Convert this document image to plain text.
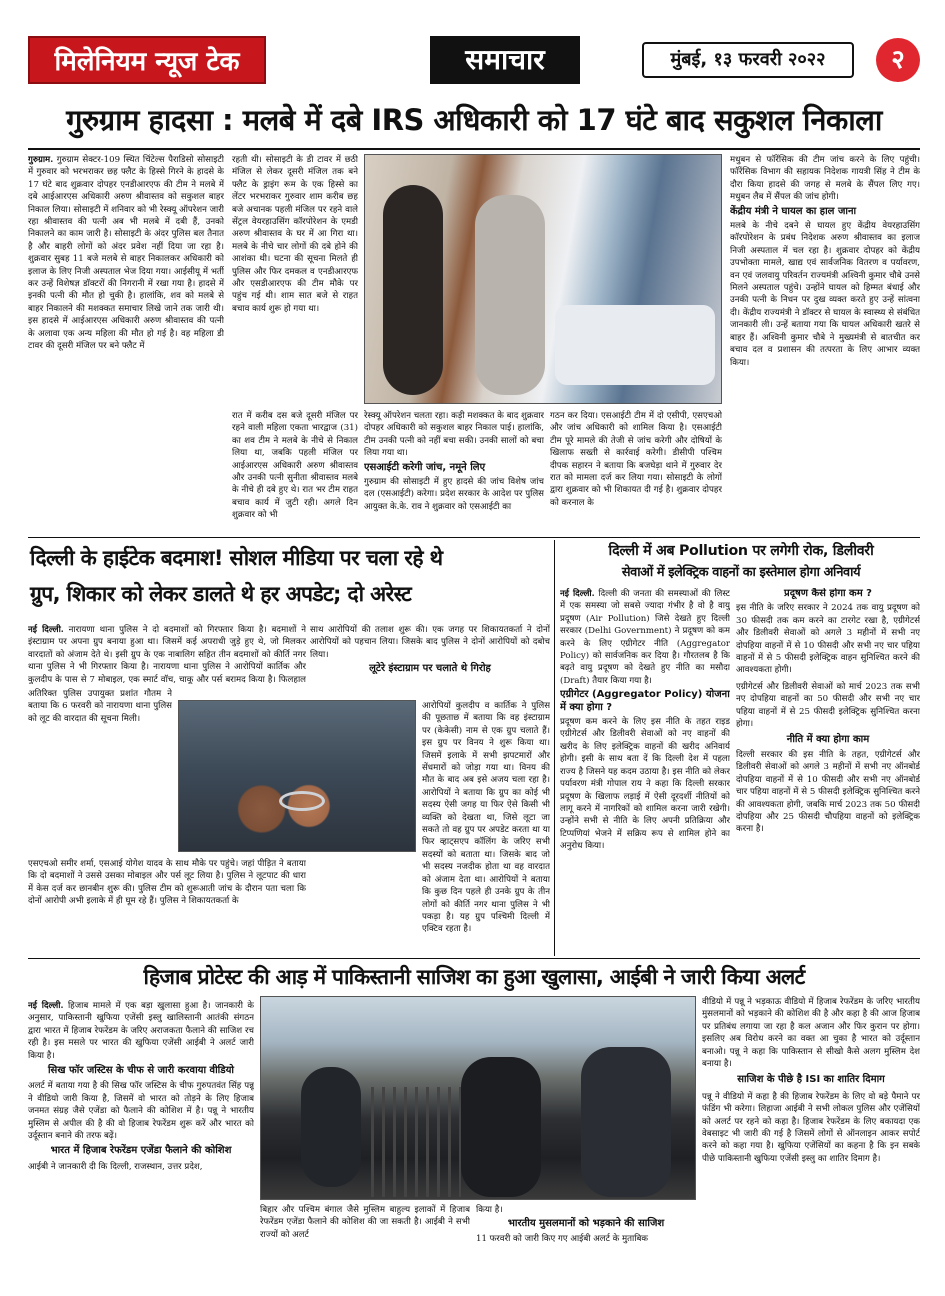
मिलेनियम न्यूज टेक	समाचार	मुंबई, १३ फरवरी २०२२	२
गुरुग्राम हादसा : मलबे में दबे IRS अधिकारी को 17 घंटे बाद सकुशल निकाला
गुरुग्राम. गुरुग्राम सेक्टर-109 स्थित चिंटेल्स पैराडिसो सोसाइटी में गुरुवार को भरभराकर छह फ्लैट के हिस्से गिरने के हादसे के 17 घंटे बाद शुक्रवार दोपहर एनडीआरएफ की टीम ने मलबे में दबे आईआरएस अधिकारी अरुण श्रीवास्तव को सकुशल बाहर निकाल लिया। सोसाइटी में शनिवार को भी रेस्क्यू ऑपरेशन जारी रहा श्रीवास्तव की पत्नी अब भी मलबे में दबी हैं, उनको निकालने का काम जारी है। सोसाइटी के अंदर पुलिस बल तैनात है और बाहरी लोगों को अंदर प्रवेश नहीं दिया जा रहा है। शुक्रवार सुबह 11 बजे मलबे से बाहर निकालकर अधिकारी को इलाज के लिए निजी अस्पताल भेज दिया गया। आईसीयू में भर्ती कर उन्हें विशेषज्ञ डॉक्टरों की निगरानी में रखा गया है। हादसे में इनकी पत्नी की मौत हो चुकी है। हालांकि, शव को मलबे से बाहर निकालने की मशक्कत समाचार लिखे जाने तक जारी थी। इस हादसे में आईआरएस अधिकारी अरुण श्रीवास्तव की पत्नी के अलावा एक अन्य महिला की मौत हो गई है। वह महिला डी टावर की दूसरी मंजिल पर बने फ्लैट में
रहती थी। सोसाइटी के डी टावर में छठी मंजिल से लेकर दूसरी मंजिल तक बने फ्लैट के ड्राइंग रूम के एक हिस्से का लेंटर भरभराकर गुरुवार शाम करीब छह बजे अचानक पहली मंजिल पर रहने वाले सेंट्रल वेयरहाउसिंग कॉरपोरेशन के एमडी अरुण श्रीवास्तव के घर में आ गिरा था। मलबे के नीचे चार लोगों की दबे होने की आशंका थी। घटना की सूचना मिलते ही पुलिस और फिर दमकल व एनडीआरएफ और एसडीआरएफ की टीम मौके पर पहुंच गई थी। शाम सात बजे से राहत बचाव कार्य शुरू हो गया था।
रात में करीब दस बजे दूसरी मंजिल पर रहने वाली महिला एकता भारद्वाज (31) का शव टीम ने मलबे के नीचे से निकाल लिया था, जबकि पहली मंजिल पर आईआरएस अधिकारी अरुण श्रीवास्तव और उनकी पत्नी सुनीता श्रीवास्तव मलबे के नीचे ही दबे हुए थे। रात भर टीम राहत बचाव कार्य में जुटी रही। अगले दिन शुक्रवार को भी
रेस्क्यू ऑपरेशन चलता रहा। कड़ी मशक्कत के बाद शुक्रवार दोपहर अधिकारी को सकुशल बाहर निकाल पाई। हालांकि, टीम उनकी पत्नी को नहीं बचा सकी। उनकी सालों को बचा लिया गया था।
एसआईटी करेगी जांच, नमूने लिए
गुरुग्राम की सोसाइटी में हुए हादसे की जांच विशेष जांच दल (एसआईटी) करेगा। प्रदेश सरकार के आदेश पर पुलिस आयुक्त के.के. राव ने शुक्रवार को एसआईटी का
गठन कर दिया। एसआईटी टीम में दो एसीपी, एसएचओ और जांच अधिकारी को शामिल किया है। एसआईटी टीम पूरे मामले की तेजी से जांच करेगी और दोषियों के खिलाफ सख्ती से कार्रवाई करेगी। डीसीपी पश्चिम दीपक सहारन ने बताया कि बजघेड़ा थाने में गुरुवार देर रात को मामला दर्ज कर लिया गया। सोसाइटी के लोगों द्वारा शुक्रवार को भी शिकायत दी गई है। शुक्रवार दोपहर को करनाल के
मधुबन से फॉरेंसिक की टीम जांच करने के लिए पहुंची। फॉरेंसिक विभाग की सहायक निदेशक गायत्री सिंह ने टीम के दौरा किया हादसे की जगह से मलबे के सैंपल लिए गए। मधुबन लैब में सैंपल की जांच होगी।
केंद्रीय मंत्री ने घायल का हाल जाना
मलबे के नीचे दबने से घायल हुए केंद्रीय वेयरहाउसिंग कॉरपोरेशन के प्रबंध निदेशक अरुण श्रीवास्तव का इलाज निजी अस्पताल में चल रहा है। शुक्रवार दोपहर को केंद्रीय उपभोक्ता मामले, खाद्य एवं सार्वजनिक वितरण व पर्यावरण, वन एवं जलवायु परिवर्तन राज्यमंत्री अश्विनी कुमार चौबे उनसे मिलने अस्पताल पहुंचे। उन्होंने घायल को हिम्मत बंधाई और उनकी पत्नी के निधन पर दुख व्यक्त करते हुए उन्हें सांत्वना दी। केंद्रीय राज्यमंत्री ने डॉक्टर से घायल के स्वास्थ्य से संबंधित जानकारी ली। उन्हें बताया गया कि घायल अधिकारी खतरे से बाहर हैं। अश्विनी कुमार चौबे ने मुख्यमंत्री से बातचीत कर बचाव दल व प्रशासन की तत्परता के लिए आभार व्यक्त किया।
दिल्ली के हाईटेक बदमाश! सोशल मीडिया पर चला रहे थे
ग्रुप, शिकार को लेकर डालते थे हर अपडेट; दो अरेस्ट
नई दिल्ली. नारायणा थाना पुलिस ने दो बदमाशों को गिरफ्तार किया है। बदमाशों ने इंस्टाग्राम पर अपना ग्रुप बनाया हुआ था। जिसमें कई अपराधी जुड़े हुए थे, जो मिलकर वारदातों को अंजाम देते थे। इसी ग्रुप के एक नाबालिग सहित तीन बदमाशों को कीर्ति नगर थाना पुलिस ने भी गिरफ्तार किया है। नारायणा थाना पुलिस ने आरोपियों कार्तिक और कुलदीप के पास से 7 मोबाइल, एक स्मार्ट वॉच, चाकू और पर्स बरामद किया है। फिलहाल
अतिरिक्त पुलिस उपायुक्त प्रशांत गौतम ने बताया कि 6 फरवरी को नारायणा थाना पुलिस को लूट की वारदात की सूचना मिली।
एसएचओ समीर शर्मा, एसआई योगेश यादव के साथ मौके पर पहुंचे। जहां पीड़ित ने बताया कि दो बदमाशों ने उससे उसका मोबाइल और पर्स लूट लिया है। पुलिस ने लूटपाट की धारा में केस दर्ज कर छानबीन शुरू की। पुलिस टीम को शुरूआती जांच के दौरान पता चला कि दोनों आरोपी अभी इलाके में ही घूम रहे हैं। पुलिस ने शिकायतकर्ता के
साथ आरोपियों की तलाश शुरू की। एक जगह पर शिकायतकर्ता ने दोनों आरोपियों को पहचान लिया। जिसके बाद पुलिस ने दोनों आरोपियों को दबोच लिया।
लूटेरे इंस्टाग्राम पर चलाते थे गिरोह
आरोपियों कुलदीप व कार्तिक ने पुलिस की पूछताछ में बताया कि वह इंस्टाग्राम पर (केकेसी) नाम से एक ग्रुप चलाते हैं। इस ग्रुप पर विनय ने शुरू किया था। जिसमें इलाके में सभी झपटमारों और सेंधमारों को जोड़ा गया था। विनय की मौत के बाद अब इसे अजय चला रहा है। आरोपियों ने बताया कि ग्रुप का कोई भी सदस्य ऐसी जगह या फिर ऐसे किसी भी व्यक्ति को देखता था, जिसे लूटा जा सकते तो वह ग्रुप पर अपडेट करता था या फिर व्हाट्सएप कॉलिंग के जरिए सभी सदस्यों को बताता था। जिसके बाद जो भी सदस्य नजदीक होता था वह वारदात को अंजाम देता था। आरोपियों ने बताया कि कुछ दिन पहले ही उनके ग्रुप के तीन लोगों को कीर्ति नगर थाना पुलिस ने भी पकड़ा है। यह ग्रुप पश्चिमी दिल्ली में एक्टिव रहता है।
दिल्ली में अब Pollution पर लगेगी रोक, डिलीवरी
सेवाओं में इलेक्ट्रिक वाहनों का इस्तेमाल होगा अनिवार्य
नई दिल्ली. दिल्ली की जनता की समस्याओं की लिस्ट में एक समस्या जो सबसे ज्यादा गंभीर है वो है वायु प्रदूषण (Air Pollution) जिसे देखते हुए दिल्ली सरकार (Delhi Government) ने प्रदूषण को कम करने के लिए एग्रीगेटर नीति (Aggregator Policy) को सार्वजनिक कर दिया है। गौरतलब है कि बढ़ते वायु प्रदूषण को देखते हुए नीति का मसौदा (Draft) तैयार किया गया है।
एग्रीगेटर (Aggregator Policy) योजना में क्या होगा ?
प्रदूषण कम करने के लिए इस नीति के तहत राइड एग्रीगेटर्स और डिलीवरी सेवाओं को नए वाहनों की खरीद के लिए इलेक्ट्रिक वाहनों की खरीद अनिवार्य होगी। इसी के साथ बता दें कि दिल्ली देश में पहला राज्य है जिसने यह कदम उठाया है। इस नीति को लेकर पर्यावरण मंत्री गोपाल राय ने कहा कि दिल्ली सरकार प्रदूषण के खिलाफ लड़ाई में ऐसी दूरदर्शी नीतियों को लागू करने में नागरिकों को शामिल करना जारी रखेगी। उन्होंने सभी से नीति के लिए अपनी प्रतिक्रिया और टिप्पणियां भेजने में सक्रिय रूप से शामिल होने का अनुरोध किया।
प्रदूषण कैसे होगा कम ?
इस नीति के जरिए सरकार ने 2024 तक वायु प्रदूषण को 30 फीसदी तक कम करने का टारगेट रखा है, एग्रीगेटर्स और डिलीवरी सेवाओं को अगले 3 महीनों में सभी नए दोपहिया वाहनों में से 10 फीसदी और सभी नए चार पहिया वाहनों में से 5 फीसदी इलेक्ट्रिक वाहन सुनिश्चित करने की आवश्यकता होगी।
एग्रीगेटर्स और डिलीवरी सेवाओं को मार्च 2023 तक सभी नए दोपहिया वाहनों का 50 फीसदी और सभी नए चार पहिया वाहनों में से 25 फीसदी इलेक्ट्रिक सुनिश्चित करना होगा।
नीति में क्या होगा काम
दिल्ली सरकार की इस नीति के तहत, एग्रीगेटर्स और डिलीवरी सेवाओं को अगले 3 महीनों में सभी नए ऑनबोर्ड दोपहिया वाहनों में से 10 फीसदी और सभी नए ऑनबोर्ड चार पहिया वाहनों में से 5 फीसदी इलेक्ट्रिक सुनिश्चित करने की आवश्यकता होगी, जबकि मार्च 2023 तक 50 फीसदी दोपहिया और 25 फीसदी चौपहिया वाहनों को इलेक्ट्रिक करना है।
हिजाब प्रोटेस्ट की आड़ में पाकिस्तानी साजिश का हुआ खुलासा, आईबी ने जारी किया अलर्ट
नई दिल्ली. हिजाब मामले में एक बड़ा खुलासा हुआ है। जानकारी के अनुसार, पाकिस्तानी खुफिया एजेंसी इस्लु खालिस्तानी आतंकी संगठन द्वारा भारत में हिजाब रेफरेंडम के जरिए अराजकता फैलाने की साजिश रच रही है। इस मसले पर भारत की खुफिया एजेंसी आईबी ने अलर्ट जारी किया है।
सिख फॉर जस्टिस के चीफ से जारी करवाया वीडियो
अलर्ट में बताया गया है की सिख फॉर जस्टिस के चीफ गुरुपतवंत सिंह पन्नू ने वीडियो जारी किया है, जिसमें वो भारत को तोड़ने के लिए हिजाब जनमत संग्रह जैसे एजेंडा को फैलाने की कोशिश में है। पन्नू ने भारतीय मुस्लिम से अपील की है की वो हिजाब रेफरेंडम शुरू करें और भारत को उर्दूस्तान बनाने की तरफ बढ़ें।
भारत में हिजाब रेफरेंडम एजेंडा फैलाने की कोशिश
आईबी ने जानकारी दी कि दिल्ली, राजस्थान, उत्तर प्रदेश,
बिहार और पश्चिम बंगाल जैसे मुस्लिम बाहुल्य इलाकों में हिजाब रेफरेंडम एजेंडा फैलाने की कोशिश की जा सकती है। आईबी ने सभी राज्यों को अलर्ट
किया है।
भारतीय मुसलमानों को भड़काने की साजिश
11 फरवरी को जारी किए गए आईबी अलर्ट के मुताबिक
वीडियो में पन्नू ने भड़काऊ वीडियो में हिजाब रेफरेंडम के जरिए भारतीय मुसलमानों को भड़काने की कोशिश की है और कहा है की आज हिजाब पर प्रतिबंध लगाया जा रहा है कल अजान और फिर कुरान पर होगा। इसलिए अब विरोध करने का वक्त आ चुका है भारत को उर्दूस्तान बनाओ। पन्नू ने कहा कि पाकिस्तान से सीखो कैसे अलग मुस्लिम देश बनाया है।
साजिश के पीछे है ISI का शातिर दिमाग
पन्नू ने वीडियो में कहा है की हिजाब रेफरेंडम के लिए वो बड़े पैमाने पर फंडिंग भी करेगा। लिहाजा आईबी ने सभी लोकल पुलिस और एजेंसियों को अलर्ट पर रहने को कहा है। हिजाब रेफरेंडम के लिए बकायदा एक वेबसाइट भी जारी की गई है जिसमें लोगों से ऑनलाइन आकर सपोर्ट करने को कहा गया है। खुफिया एजेंसियों का कहना है कि इन सबके पीछे पाकिस्तानी खुफिया एजेंसी इस्लु का शातिर दिमाग है।
